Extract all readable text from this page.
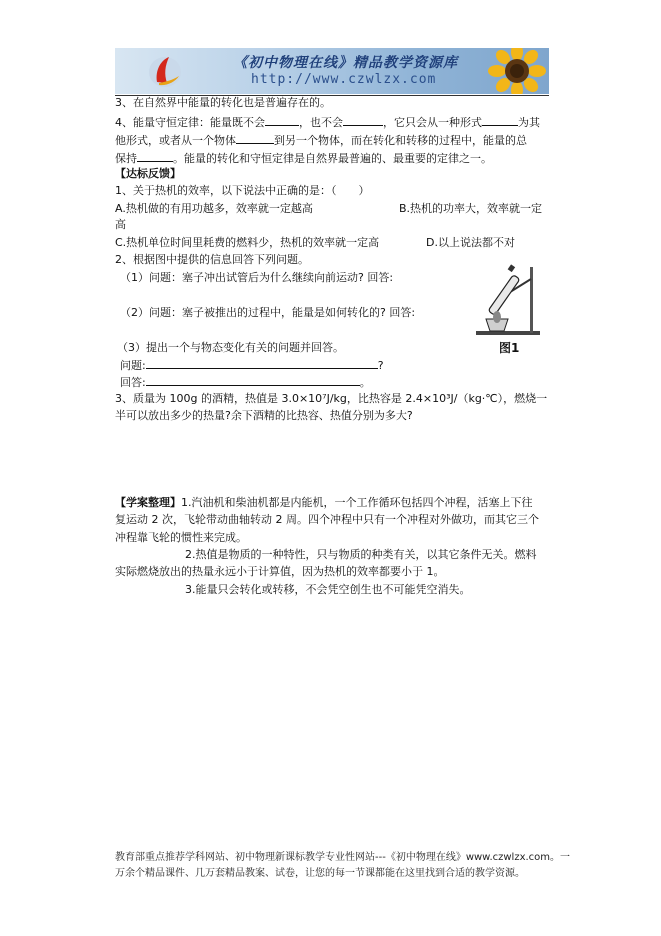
《初中物理在线》精品教学资源库
http://www.czwlzx.com
3、在自然界中能量的转化也是普遍存在的。
4、能量守恒定律：能量既不会	，也不会	，它只会从一种形式	为其
他形式，或者从一个物体	到另一个物体，而在转化和转移的过程中，能量的总
保持	。能量的转化和守恒定律是自然界最普遍的、最重要的定律之一。
【达标反馈】
1、关于热机的效率，以下说法中正确的是：（　　）
A.热机做的有用功越多，效率就一定越高	B.热机的功率大，效率就一定
高
C.热机单位时间里耗费的燃料少，热机的效率就一定高	D.以上说法都不对
2、根据图中提供的信息回答下列问题。
（1）问题：塞子冲出试管后为什么继续向前运动? 回答:
（2）问题：塞子被推出的过程中，能量是如何转化的? 回答:
（3）提出一个与物态变化有关的问题并回答。
问题:	?
回答:	。
图1
3、质量为 100g 的酒精，热值是 3.0×10⁷J/kg，比热容是 2.4×10³J/（kg·℃），燃烧一
半可以放出多少的热量?余下酒精的比热容、热值分别为多大?
【学案整理】1.汽油机和柴油机都是内能机，一个工作循环包括四个冲程，活塞上下往
复运动 2 次，飞轮带动曲轴转动 2 周。四个冲程中只有一个冲程对外做功，而其它三个
冲程靠飞轮的惯性来完成。
2.热值是物质的一种特性，只与物质的种类有关，以其它条件无关。燃料
实际燃烧放出的热量永远小于计算值，因为热机的效率都要小于 1。
3.能量只会转化或转移，不会凭空创生也不可能凭空消失。
教育部重点推荐学科网站、初中物理新课标教学专业性网站---《初中物理在线》www.czwlzx.com。一
万余个精品课件、几万套精品教案、试卷，让您的每一节课都能在这里找到合适的教学资源。
